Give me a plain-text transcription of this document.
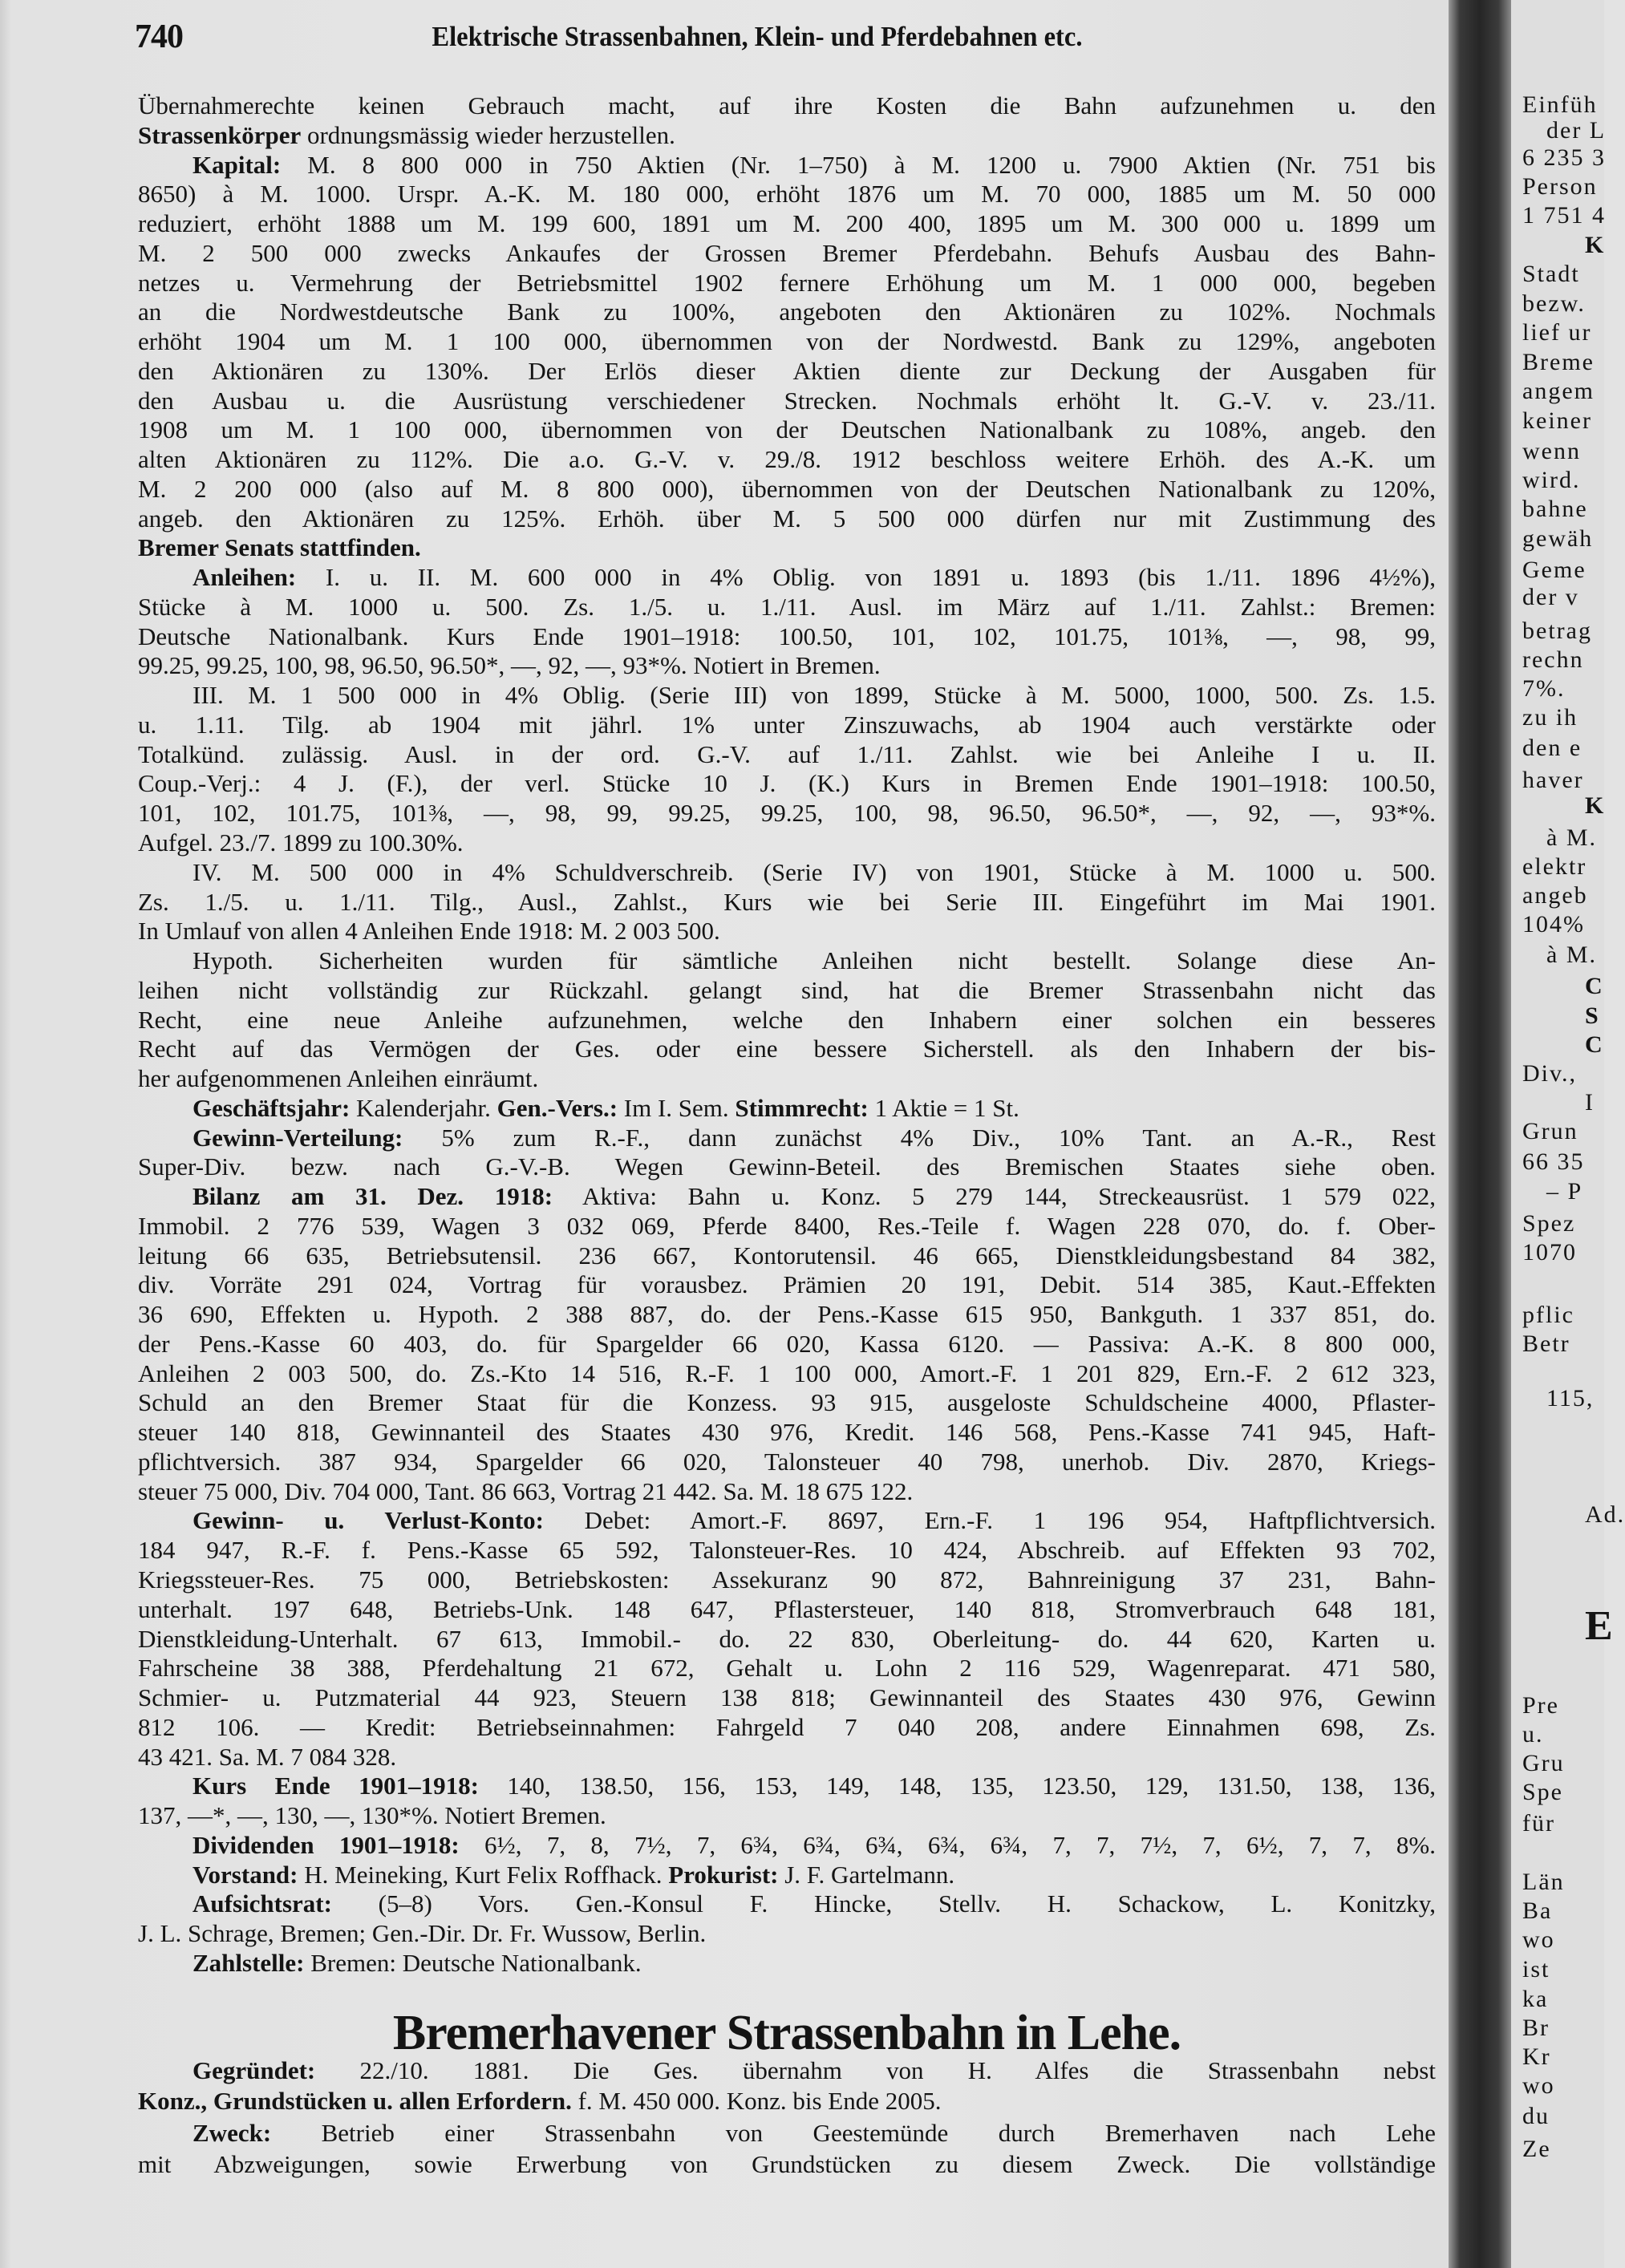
740	Elektrische Strassenbahnen, Klein- und Pferdebahnen etc.
Übernahmerechte keinen Gebrauch macht, auf ihre Kosten die Bahn aufzunehmen u. den
Strassenkörper ordnungsmässig wieder herzustellen.
Kapital: M. 8 800 000 in 750 Aktien (Nr. 1–750) à M. 1200 u. 7900 Aktien (Nr. 751 bis
8650) à M. 1000. Urspr. A.-K. M. 180 000, erhöht 1876 um M. 70 000, 1885 um M. 50 000
reduziert, erhöht 1888 um M. 199 600, 1891 um M. 200 400, 1895 um M. 300 000 u. 1899 um
M. 2 500 000 zwecks Ankaufes der Grossen Bremer Pferdebahn. Behufs Ausbau des Bahn-
netzes u. Vermehrung der Betriebsmittel 1902 fernere Erhöhung um M. 1 000 000, begeben
an die Nordwestdeutsche Bank zu 100%, angeboten den Aktionären zu 102%. Nochmals
erhöht 1904 um M. 1 100 000, übernommen von der Nordwestd. Bank zu 129%, angeboten
den Aktionären zu 130%. Der Erlös dieser Aktien diente zur Deckung der Ausgaben für
den Ausbau u. die Ausrüstung verschiedener Strecken. Nochmals erhöht lt. G.-V. v. 23./11.
1908 um M. 1 100 000, übernommen von der Deutschen Nationalbank zu 108%, angeb. den
alten Aktionären zu 112%. Die a.o. G.-V. v. 29./8. 1912 beschloss weitere Erhöh. des A.-K. um
M. 2 200 000 (also auf M. 8 800 000), übernommen von der Deutschen Nationalbank zu 120%,
angeb. den Aktionären zu 125%. Erhöh. über M. 5 500 000 dürfen nur mit Zustimmung des
Bremer Senats stattfinden.
Anleihen: I. u. II. M. 600 000 in 4% Oblig. von 1891 u. 1893 (bis 1./11. 1896 4½%),
Stücke à M. 1000 u. 500. Zs. 1./5. u. 1./11. Ausl. im März auf 1./11. Zahlst.: Bremen:
Deutsche Nationalbank. Kurs Ende 1901–1918: 100.50, 101, 102, 101.75, 101⅜, —, 98, 99,
99.25, 99.25, 100, 98, 96.50, 96.50*, —, 92, —, 93*%. Notiert in Bremen.
III. M. 1 500 000 in 4% Oblig. (Serie III) von 1899, Stücke à M. 5000, 1000, 500. Zs. 1.5.
u. 1.11. Tilg. ab 1904 mit jährl. 1% unter Zinszuwachs, ab 1904 auch verstärkte oder
Totalkünd. zulässig. Ausl. in der ord. G.-V. auf 1./11. Zahlst. wie bei Anleihe I u. II.
Coup.-Verj.: 4 J. (F.), der verl. Stücke 10 J. (K.) Kurs in Bremen Ende 1901–1918: 100.50,
101, 102, 101.75, 101⅜, —, 98, 99, 99.25, 99.25, 100, 98, 96.50, 96.50*, —, 92, —, 93*%.
Aufgel. 23./7. 1899 zu 100.30%.
IV. M. 500 000 in 4% Schuldverschreib. (Serie IV) von 1901, Stücke à M. 1000 u. 500.
Zs. 1./5. u. 1./11. Tilg., Ausl., Zahlst., Kurs wie bei Serie III. Eingeführt im Mai 1901.
In Umlauf von allen 4 Anleihen Ende 1918: M. 2 003 500.
Hypoth. Sicherheiten wurden für sämtliche Anleihen nicht bestellt. Solange diese An-
leihen nicht vollständig zur Rückzahl. gelangt sind, hat die Bremer Strassenbahn nicht das
Recht, eine neue Anleihe aufzunehmen, welche den Inhabern einer solchen ein besseres
Recht auf das Vermögen der Ges. oder eine bessere Sicherstell. als den Inhabern der bis-
her aufgenommenen Anleihen einräumt.
Geschäftsjahr: Kalenderjahr. Gen.-Vers.: Im I. Sem. Stimmrecht: 1 Aktie = 1 St.
Gewinn-Verteilung: 5% zum R.-F., dann zunächst 4% Div., 10% Tant. an A.-R., Rest
Super-Div. bezw. nach G.-V.-B. Wegen Gewinn-Beteil. des Bremischen Staates siehe oben.
Bilanz am 31. Dez. 1918: Aktiva: Bahn u. Konz. 5 279 144, Streckeausrüst. 1 579 022,
Immobil. 2 776 539, Wagen 3 032 069, Pferde 8400, Res.-Teile f. Wagen 228 070, do. f. Ober-
leitung 66 635, Betriebsutensil. 236 667, Kontorutensil. 46 665, Dienstkleidungsbestand 84 382,
div. Vorräte 291 024, Vortrag für vorausbez. Prämien 20 191, Debit. 514 385, Kaut.-Effekten
36 690, Effekten u. Hypoth. 2 388 887, do. der Pens.-Kasse 615 950, Bankguth. 1 337 851, do.
der Pens.-Kasse 60 403, do. für Spargelder 66 020, Kassa 6120. — Passiva: A.-K. 8 800 000,
Anleihen 2 003 500, do. Zs.-Kto 14 516, R.-F. 1 100 000, Amort.-F. 1 201 829, Ern.-F. 2 612 323,
Schuld an den Bremer Staat für die Konzess. 93 915, ausgeloste Schuldscheine 4000, Pflaster-
steuer 140 818, Gewinnanteil des Staates 430 976, Kredit. 146 568, Pens.-Kasse 741 945, Haft-
pflichtversich. 387 934, Spargelder 66 020, Talonsteuer 40 798, unerhob. Div. 2870, Kriegs-
steuer 75 000, Div. 704 000, Tant. 86 663, Vortrag 21 442. Sa. M. 18 675 122.
Gewinn- u. Verlust-Konto: Debet: Amort.-F. 8697, Ern.-F. 1 196 954, Haftpflichtversich.
184 947, R.-F. f. Pens.-Kasse 65 592, Talonsteuer-Res. 10 424, Abschreib. auf Effekten 93 702,
Kriegssteuer-Res. 75 000, Betriebskosten: Assekuranz 90 872, Bahnreinigung 37 231, Bahn-
unterhalt. 197 648, Betriebs-Unk. 148 647, Pflastersteuer, 140 818, Stromverbrauch 648 181,
Dienstkleidung-Unterhalt. 67 613, Immobil.- do. 22 830, Oberleitung- do. 44 620, Karten u.
Fahrscheine 38 388, Pferdehaltung 21 672, Gehalt u. Lohn 2 116 529, Wagenreparat. 471 580,
Schmier- u. Putzmaterial 44 923, Steuern 138 818; Gewinnanteil des Staates 430 976, Gewinn
812 106. — Kredit: Betriebseinnahmen: Fahrgeld 7 040 208, andere Einnahmen 698, Zs.
43 421. Sa. M. 7 084 328.
Kurs Ende 1901–1918: 140, 138.50, 156, 153, 149, 148, 135, 123.50, 129, 131.50, 138, 136,
137, —*, —, 130, —, 130*%. Notiert Bremen.
Dividenden 1901–1918: 6½, 7, 8, 7½, 7, 6¾, 6¾, 6¾, 6¾, 6¾, 7, 7, 7½, 7, 6½, 7, 7, 8%.
Vorstand: H. Meineking, Kurt Felix Roffhack. Prokurist: J. F. Gartelmann.
Aufsichtsrat: (5–8) Vors. Gen.-Konsul F. Hincke, Stellv. H. Schackow, L. Konitzky,
J. L. Schrage, Bremen; Gen.-Dir. Dr. Fr. Wussow, Berlin.
Zahlstelle: Bremen: Deutsche Nationalbank.
Bremerhavener Strassenbahn in Lehe.
Gegründet: 22./10. 1881. Die Ges. übernahm von H. Alfes die Strassenbahn nebst
Konz., Grundstücken u. allen Erfordern. f. M. 450 000. Konz. bis Ende 2005.
Zweck: Betrieb einer Strassenbahn von Geestemünde durch Bremerhaven nach Lehe
mit Abzweigungen, sowie Erwerbung von Grundstücken zu diesem Zweck. Die vollständige
Einfüh
der L
6 235 3
Person
1 751 4
K
Stadt
bezw.
lief ur
Breme
angem
keiner
wenn
wird.
bahne
gewäh
Geme
der v
betrag
rechn
7%.
zu ih
den e
haver
K
à M.
elektr
angeb
104%
à M.
C
S
C
Div.,
I
Grun
66 35
– P
Spez
1070
pflic
Betr
115,
Ad.
E
Pre
u.
Gru
Spe
für
Län
Ba
wo
ist
ka
Br
Kr
wo
du
Ze
